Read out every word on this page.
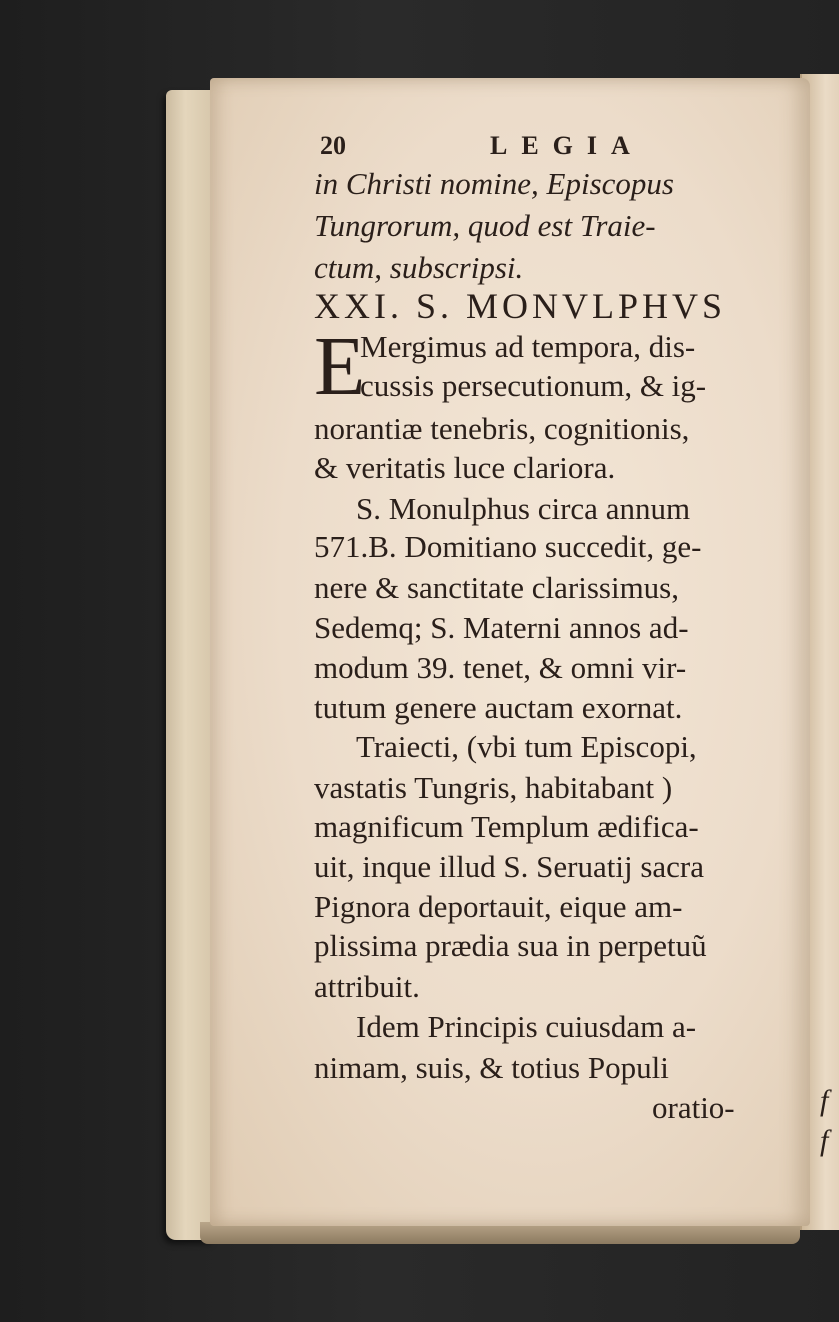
f
f
20	LEGIA
in Christi nomine, Episcopus
Tungrorum, quod est Traie-
ctum, subscripsi.
XXI. S. MONVLPHVS
E
Mergimus ad tempora, dis-
cussis persecutionum, & ig-
norantiæ tenebris, cognitionis,
& veritatis luce clariora.
S. Monulphus circa annum
571.B. Domitiano succedit, ge-
nere & sanctitate clarissimus,
Sedemq; S. Materni annos ad-
modum 39. tenet, & omni vir-
tutum genere auctam exornat.
Traiecti, (vbi tum Episcopi,
vastatis Tungris, habitabant )
magnificum Templum ædifica-
uit, inque illud S. Seruatij sacra
Pignora deportauit, eique am-
plissima prædia sua in perpetuũ
attribuit.
Idem Principis cuiusdam a-
nimam, suis, & totius Populi
oratio-
